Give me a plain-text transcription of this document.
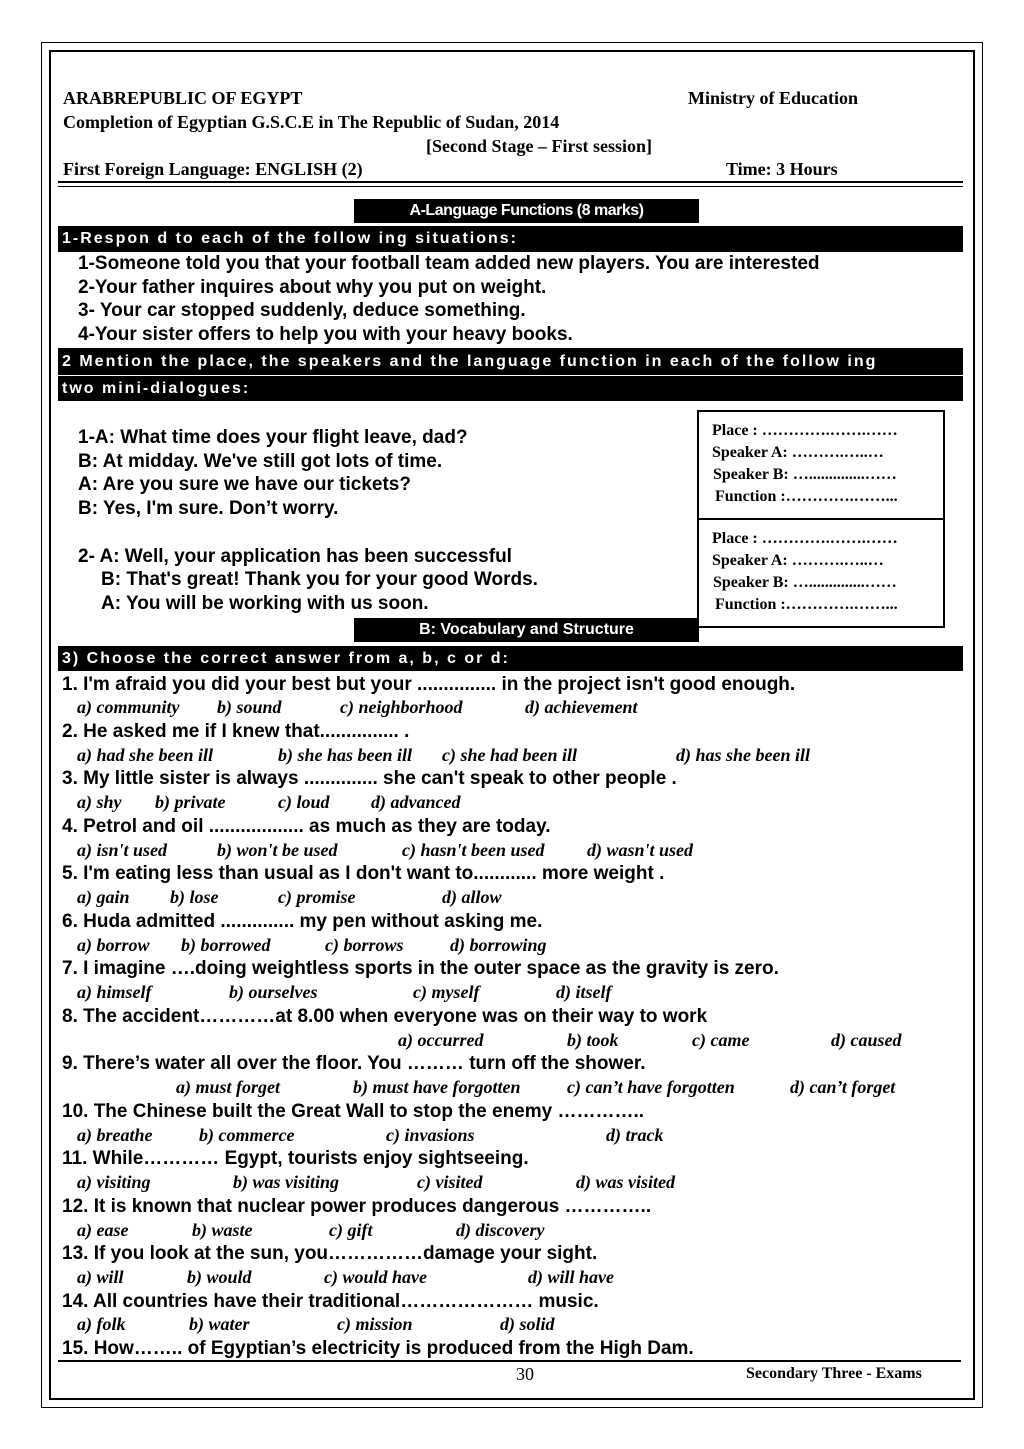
ARABREPUBLIC OF EGYPT	Ministry of Education
Completion of Egyptian G.S.C.E in The Republic of Sudan, 2014
[Second Stage – First session]
First Foreign Language: ENGLISH (2)	Time: 3 Hours
A-Language Functions (8 marks)
1-Respon d to each of the follow ing situations:
1-Someone told you that your football team added new players. You are interested
2-Your father inquires about why you put on weight.
3- Your car stopped suddenly, deduce something.
4-Your sister offers to help you with your heavy books.
2 Mention the place, the speakers and the language function in each of the follow ing
two mini-dialogues:
1-A: What time does your flight leave, dad?
B: At midday. We've still got lots of time.
A: Are you sure we have our tickets?
B: Yes, I'm sure. Don’t worry.
2- A: Well, your application has been successful
B: That's great! Thank you for your good Words.
A: You will be working with us soon.
Place : ………….…….……
Speaker A: ……….…..…
Speaker B: …..............……
Function :………….……...
Place : ………….…….……
Speaker A: ……….…..…
Speaker B: …..............……
Function :………….……...
B: Vocabulary and Structure
3) Choose the correct answer from a, b, c or d:
1. I'm afraid you did your best but your ............... in the project isn't good enough.
a) community b) sound	c) neighborhood	d) achievement
2. He asked me if I knew that............... .
a) had she been ill	b) she has been ill c) she had been ill	d) has she been ill
3. My little sister is always .............. she can't speak to other people .
a) shy b) private	c) loud d) advanced
4. Petrol and oil .................. as much as they are today.
a) isn't used	b) won't be used	c) hasn't been used d) wasn't used
5. I'm eating less than usual as I don't want to............ more weight .
a) gain b) lose	c) promise	d) allow
6. Huda admitted .............. my pen without asking me.
a) borrow b) borrowed	c) borrows	d) borrowing
7. I imagine ….doing weightless sports in the outer space as the gravity is zero.
a) himself	b) ourselves	c) myself	d) itself
8. The accident…………at 8.00 when everyone was on their way to work
a) occurred	b) took	c) came	d) caused
9. There’s water all over the floor. You ……… turn off the shower.
a) must forget	b) must have forgotten	c) can’t have forgotten	d) can’t forget
10. The Chinese built the Great Wall to stop the enemy …………..
a) breathe	b) commerce	c) invasions	d) track
11. While………… Egypt, tourists enjoy sightseeing.
a) visiting	b) was visiting	c) visited	d) was visited
12. It is known that nuclear power produces dangerous …………..
a) ease	b) waste	c) gift	d) discovery
13. If you look at the sun, you……………damage your sight.
a) will	b) would	c) would have	d) will have
14. All countries have their traditional………………… music.
a) folk	b) water	c) mission	d) solid
15. How…….. of Egyptian’s electricity is produced from the High Dam.
30	Secondary Three - Exams
